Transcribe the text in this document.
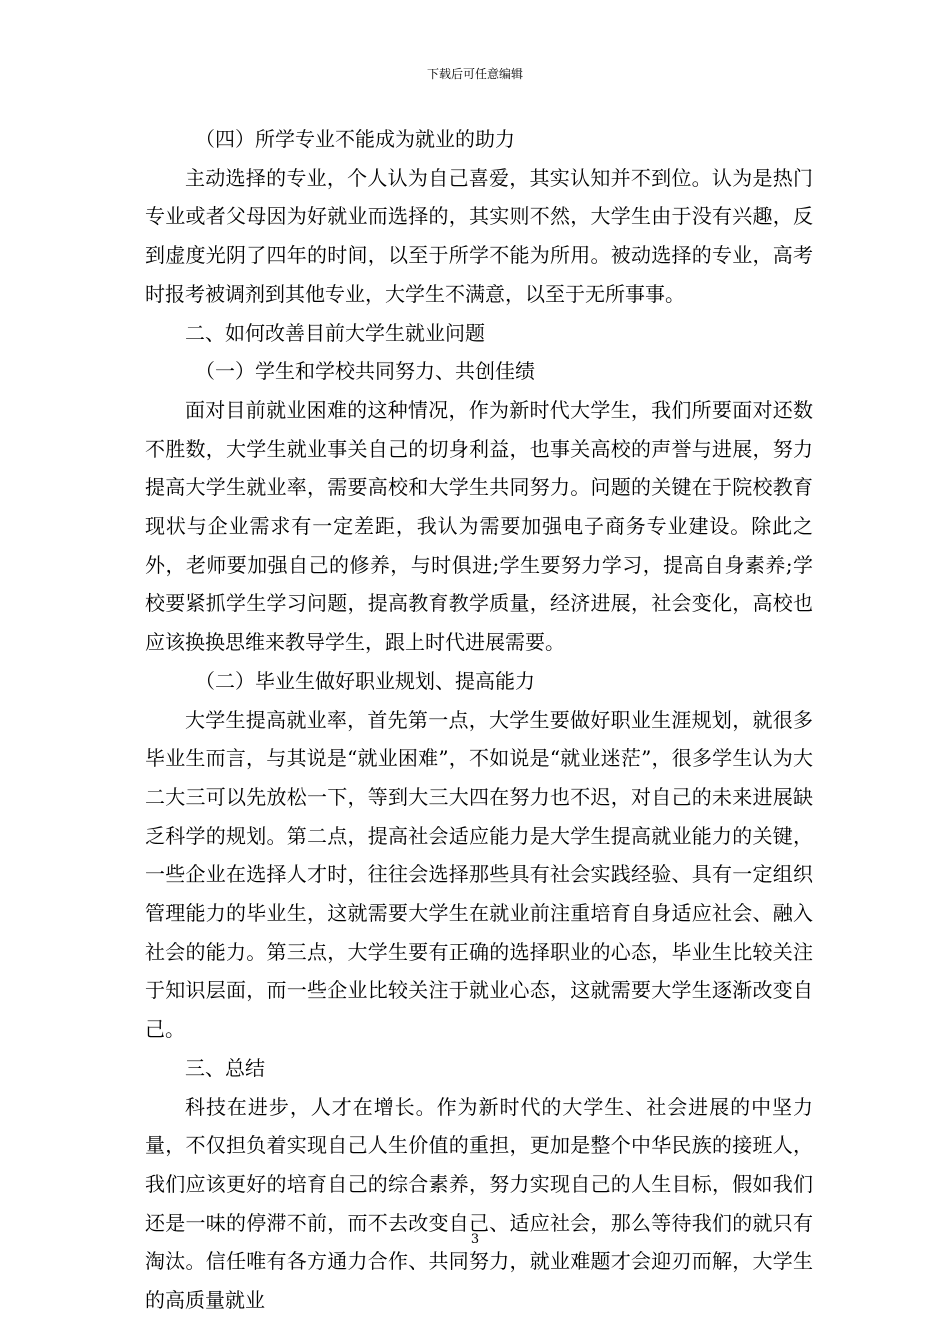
下载后可任意编辑

（四）所学专业不能成为就业的助力

主动选择的专业，个人认为自己喜爱，其实认知并不到位。认为是热门专业或者父母因为好就业而选择的，其实则不然，大学生由于没有兴趣，反到虚度光阴了四年的时间，以至于所学不能为所用。被动选择的专业，高考时报考被调剂到其他专业，大学生不满意，以至于无所事事。

二、如何改善目前大学生就业问题

（一）学生和学校共同努力、共创佳绩

面对目前就业困难的这种情况，作为新时代大学生，我们所要面对还数不胜数，大学生就业事关自己的切身利益，也事关高校的声誉与进展，努力提高大学生就业率，需要高校和大学生共同努力。问题的关键在于院校教育现状与企业需求有一定差距，我认为需要加强电子商务专业建设。除此之外，老师要加强自己的修养，与时俱进;学生要努力学习，提高自身素养;学校要紧抓学生学习问题，提高教育教学质量，经济进展，社会变化，高校也应该换换思维来教导学生，跟上时代进展需要。

（二）毕业生做好职业规划、提高能力

大学生提高就业率，首先第一点，大学生要做好职业生涯规划，就很多毕业生而言，与其说是“就业困难”，不如说是“就业迷茫”，很多学生认为大二大三可以先放松一下，等到大三大四在努力也不迟，对自己的未来进展缺乏科学的规划。第二点，提高社会适应能力是大学生提高就业能力的关键，一些企业在选择人才时，往往会选择那些具有社会实践经验、具有一定组织管理能力的毕业生，这就需要大学生在就业前注重培育自身适应社会、融入社会的能力。第三点，大学生要有正确的选择职业的心态，毕业生比较关注于知识层面，而一些企业比较关注于就业心态，这就需要大学生逐渐改变自己。

三、总结

科技在进步，人才在增长。作为新时代的大学生、社会进展的中坚力量，不仅担负着实现自己人生价值的重担，更加是整个中华民族的接班人，我们应该更好的培育自己的综合素养，努力实现自己的人生目标，假如我们还是一味的停滞不前，而不去改变自己、适应社会，那么等待我们的就只有淘汰。信任唯有各方通力合作、共同努力，就业难题才会迎刃而解，大学生的高质量就业

3
